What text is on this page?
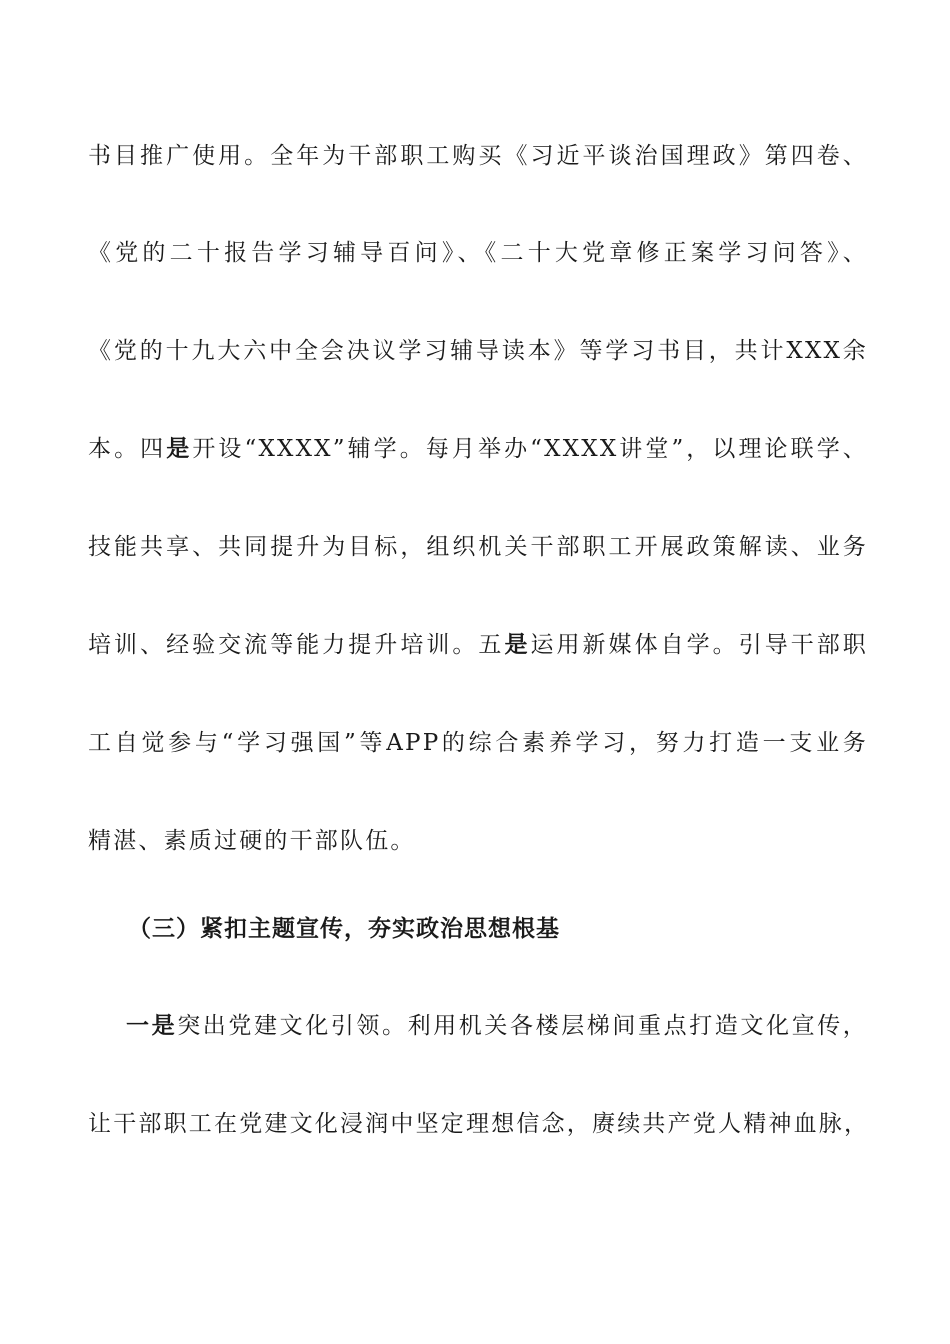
书目推广使用。全年为干部职工购买《习近平谈治国理政》第四卷、
《党的二十报告学习辅导百问》、《二十大党章修正案学习问答》、
《党的十九大六中全会决议学习辅导读本》等学习书目，共计XXX余
本。四是开设“XXXX”辅学。每月举办“XXXX讲堂”，以理论联学、
技能共享、共同提升为目标，组织机关干部职工开展政策解读、业务
培训、经验交流等能力提升培训。五是运用新媒体自学。引导干部职
工自觉参与“学习强国”等APP的综合素养学习，努力打造一支业务
精湛、素质过硬的干部队伍。
（三）紧扣主题宣传，夯实政治思想根基
一是突出党建文化引领。利用机关各楼层梯间重点打造文化宣传，
让干部职工在党建文化浸润中坚定理想信念，赓续共产党人精神血脉，
